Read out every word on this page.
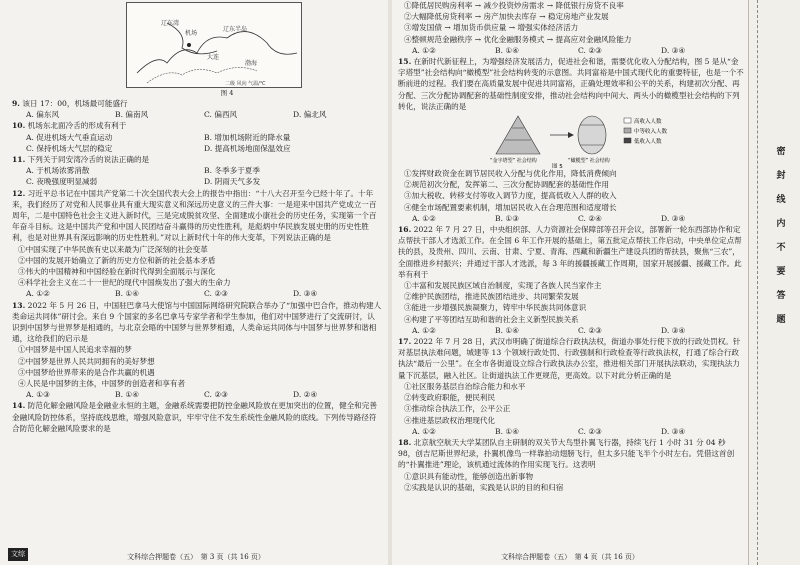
机场
辽东湾
辽东半岛
大连
渤海
二级 风向 气温/℃
图 4
9. 该日 17：00，机场最可能盛行
A. 偏东风	B. 偏南风	C. 偏西风	D. 偏北风
10. 机场东北面冷舌的形成有利于
A. 促进机场大气垂直运动	B. 增加机场附近的降水量
C. 保持机场大气层的稳定	D. 提高机场地面保温效应
11. 下列关于同安湾冷舌的说法正确的是
A. 于机场浓雾消散	B. 冬季多于夏季
C. 夜晚强度明显减弱	D. 阴雨天气多发
12. 习近平总书记在中国共产党第二十次全国代表大会上的报告中指出：“十八大召开至今已经十年了。十年来，我们经历了对党和人民事业具有重大现实意义和深远历史意义的三件大事：一是迎来中国共产党成立一百周年，二是中国特色社会主义进入新时代，三是完成脱贫攻坚、全面建成小康社会的历史任务，实现第一个百年奋斗目标。这是中国共产党和中国人民团结奋斗赢得的历史性胜利，是彪炳中华民族发展史册的历史性胜利，也是对世界具有深远影响的历史性胜利。”对以上新时代十年的伟大变革，下列说法正确的是
①中国实现了中华民族有史以来最为广泛深刻的社会变革
②中国的发展开始确立了新的历史方位和新的社会基本矛盾
③伟大的中国精神和中国经验在新时代得到全面展示与深化
④科学社会主义在二十一世纪的现代中国焕发出了强大的生命力
A. ①②	B. ①④	C. ②③	D. ③④
13. 2022 年 5 月 26 日，中国驻巴拿马大使馆与中国国际网络研究院联合举办了“加强中巴合作，推动构建人类命运共同体”研讨会。来自 9 个国家的多名巴拿马专家学者和学生参加，他们对中国梦进行了交流研讨，认识到中国梦与世界梦是相通的，与北京会晤的中国梦与世界梦相通，人类命运共同体与中国梦与世界梦和谐相通，这给我们的启示是
①中国梦是中国人民追求幸福的梦
②中国梦是世界人民共同拥有的美好梦想
③中国梦给世界带来的是合作共赢的机遇
④人民是中国梦的主体，中国梦的创造者和享有者
A. ①③	B. ①④	C. ②③	D. ②④
14. 防范化解金融风险是金融业永恒的主题，金融系统需要把防控金融风险放在更加突出的位置，健全和完善金融风险防控体系，坚持底线思维，增强风险意识，牢牢守住不发生系统性金融风险的底线。下列传导路径符合防范化解金融风险要求的是
文科综合押题卷（五）　第 3 页（共 16 页）
文综
①降低居民购房利率 → 减少投资炒房需求 → 降低银行房贷不良率
②大幅降低房贷利率 → 房产加快去库存 → 稳定房地产业发展
③增发国债 → 增加货币供应量 → 增强实体经济活力
④整顿规范金融秩序 → 优化金融服务模式 → 提高应对金融风险能力
A. ①②	B. ①④	C. ②③	D. ③④
15. 在新时代新征程上，为增强经济发展活力，促进社会和谐，需要优化收入分配结构，图 5 是从“金字塔型”社会结构向“橄榄型”社会结构转变的示意图。共同富裕是中国式现代化的重要特征，也是一个不断前进的过程。我们要在高质量发展中促进共同富裕，正确处理效率和公平的关系，构建初次分配、再分配、三次分配协调配套的基础性制度安排，推动社会结构向中间大、两头小的橄榄型社会结构的下列转化，说法正确的是
高收入人数
中等收入人数
低收入人数
“金字塔型” 社会结构	“橄榄型” 社会结构
图 5
①发挥财政资金在调节居民收入分配与优化作用，降低消费倾向
②规范初次分配，发挥第二、三次分配协调配套的基础性作用
③加大税收、转移支付等收入调节力度，提高低收入人群的收入
④健全市场配置要素机制，增加居民收入在合理范围和适度增长
A. ①②	B. ①③	C. ②④	D. ③④
16. 2022 年 7 月 27 日，中央组织部、人力资源社会保障部等召开会议，部署新一轮东西部协作和定点帮扶干部人才选派工作。在全国 6 年工作开展的基础上，第五批定点帮扶工作启动，中央单位定点帮扶的县，及贵州、四川、云南、甘肃、宁夏、青海、西藏和新疆生产建设兵团的帮扶县，聚焦“三农”，全面推进乡村振兴；并通过干部人才选派，每 3 年的援疆援藏工作周期，国家开展援疆、援藏工作。此举有利于
①丰富和发展民族区域自治制度，实现了各族人民当家作主
②维护民族团结，推进民族团结进步、共同繁荣发展
③能进一步增强民族凝聚力，铸牢中华民族共同体意识
④构建了平等团结互助和谐的社会主义新型民族关系
A. ①②	B. ①④	C. ②③	D. ③④
17. 2022 年 7 月 28 日，武汉市明确了街道综合行政执法权，街道办事处行使下放的行政处罚权。针对基层执法难问题，城建等 13 个领域行政处罚、行政强制和行政检查等行政执法权，打通了综合行政执法“最后一公里”。在全市各街道设立综合行政执法办公室，推进相关部门开展执法联动，实现执法力量下沉基层，融入社区。让街道执法工作更规范，更高效。以下对此分析正确的是
①社区服务基层自治综合能力和水平
②转变政府职能，便民利民
③推动综合执法工作，公平公正
④推进基层政权治理现代化
A. ①②	B. ①④	C. ②③	D. ③④
18. 北京航空航天大学某团队自主研制的双关节大鸟型扑翼飞行器，持续飞行 1 小时 31 分 04 秒 98，创吉尼斯世界纪录，扑翼机像鸟一样靠拍动翅膀飞行，但太多只能飞半个小时左右。凭借这首创的“扑翼推进”理论，该机通过流体的作用实现飞行。这表明
①意识具有能动性，能够创造出新事物
②实践是认识的基础，实践是认识的目的和归宿
文科综合押题卷（五）　第 4 页（共 16 页）
密封线内不要答题
